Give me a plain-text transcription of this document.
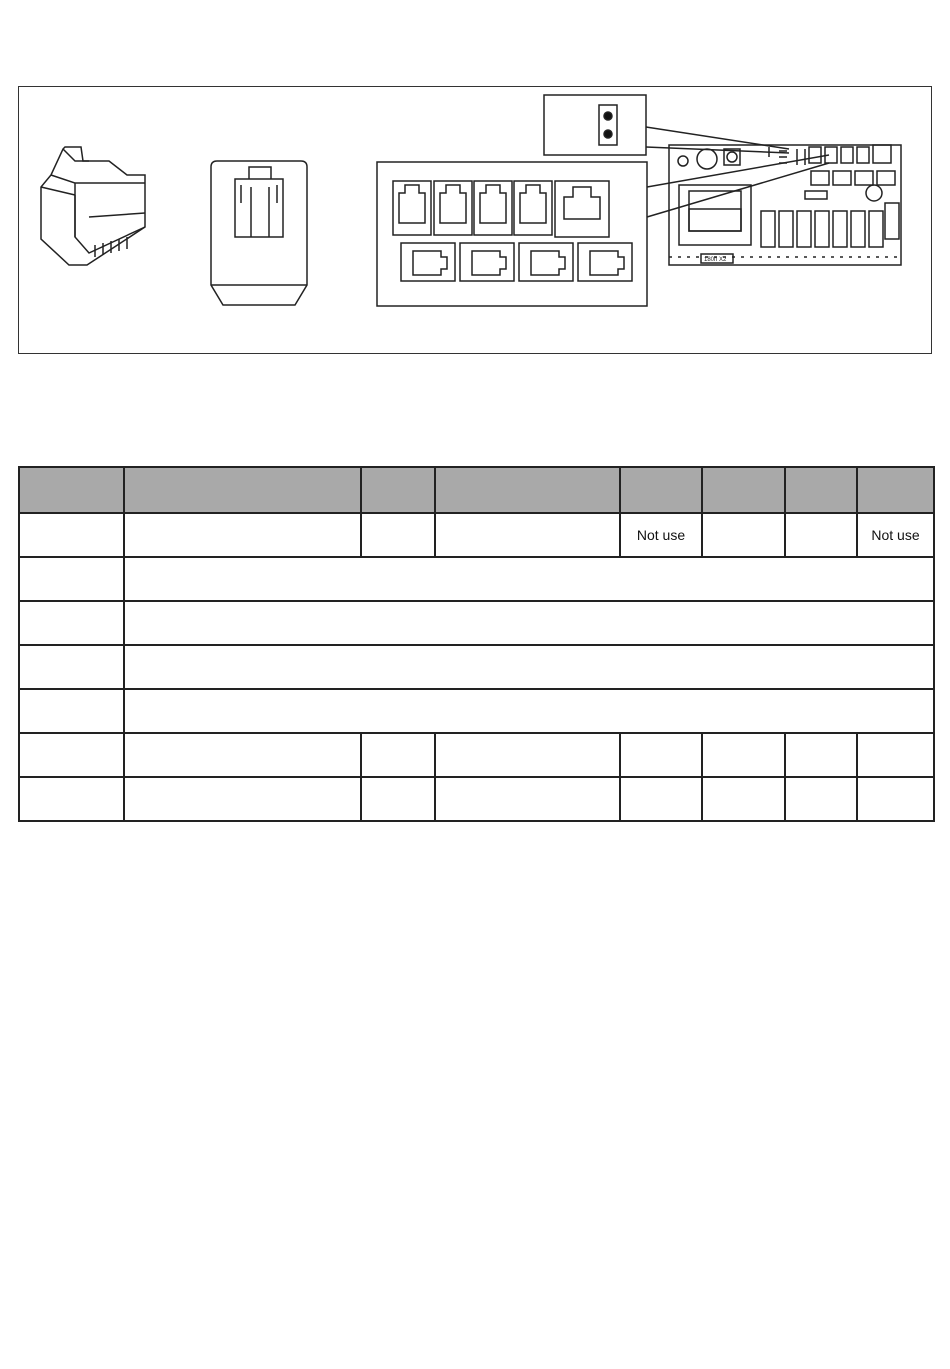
180n X2

				Not use			Not use
